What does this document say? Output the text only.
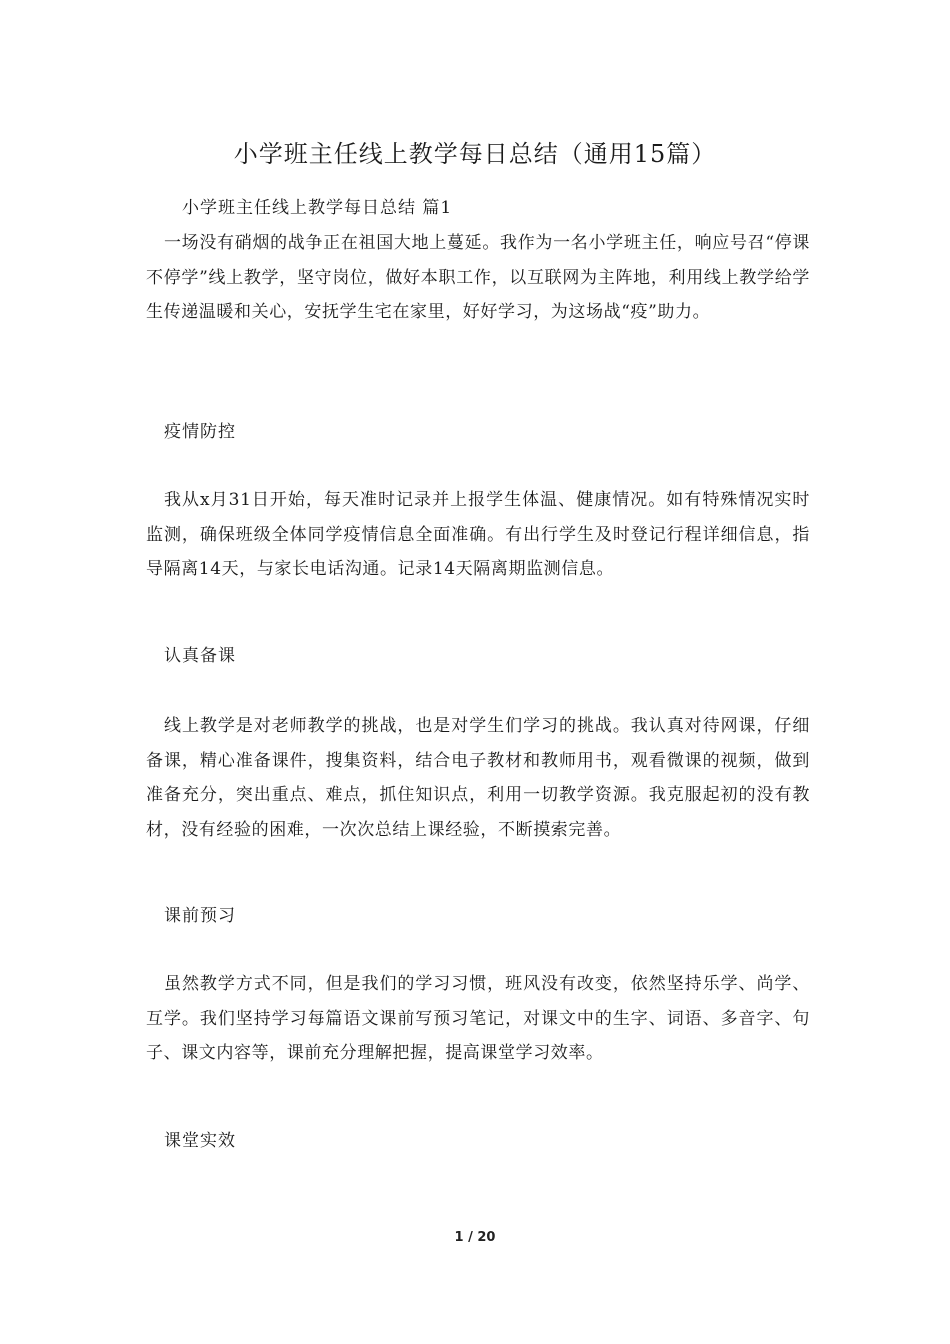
小学班主任线上教学每日总结（通用15篇）
小学班主任线上教学每日总结 篇1

一场没有硝烟的战争正在祖国大地上蔓延。我作为一名小学班主任，响应号召“停课不停学”线上教学，坚守岗位，做好本职工作，以互联网为主阵地，利用线上教学给学生传递温暖和关心，安抚学生宅在家里，好好学习，为这场战“疫”助力。

疫情防控

我从x月31日开始，每天准时记录并上报学生体温、健康情况。如有特殊情况实时监测，确保班级全体同学疫情信息全面准确。有出行学生及时登记行程详细信息，指导隔离14天，与家长电话沟通。记录14天隔离期监测信息。

认真备课

线上教学是对老师教学的挑战，也是对学生们学习的挑战。我认真对待网课，仔细备课，精心准备课件，搜集资料，结合电子教材和教师用书，观看微课的视频，做到准备充分，突出重点、难点，抓住知识点，利用一切教学资源。我克服起初的没有教材，没有经验的困难，一次次总结上课经验，不断摸索完善。

课前预习

虽然教学方式不同，但是我们的学习习惯，班风没有改变，依然坚持乐学、尚学、互学。我们坚持学习每篇语文课前写预习笔记，对课文中的生字、词语、多音字、句子、课文内容等，课前充分理解把握，提高课堂学习效率。

课堂实效
1 / 20
